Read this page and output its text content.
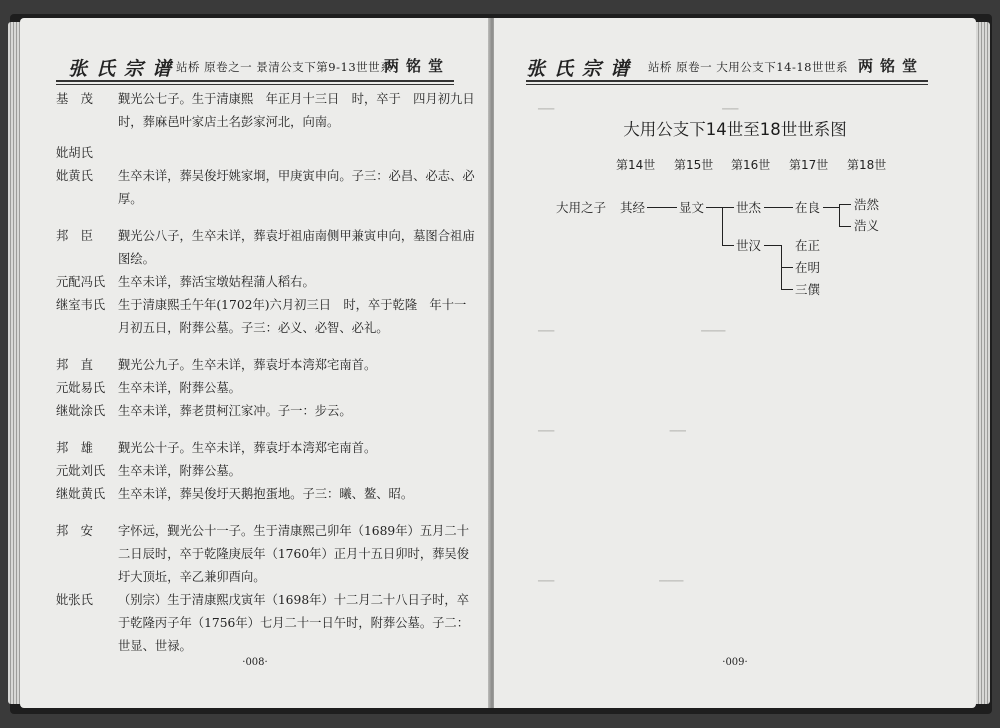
张氏宗谱
站桥 原卷之一 景清公支下第9-13世世系
两铭堂
基　茂	觐光公七子。生于清康熙　年正月十三日　时，卒于　四月初九日　时，葬麻邑叶家店土名彭家河北，向南。
妣胡氏
妣黄氏	生卒未详，葬吴俊圩姚家埛，甲庚寅申向。子三：必昌、必志、必厚。
邦　臣	觐光公八子，生卒未详，葬袁圩祖庙南侧甲兼寅申向，墓图合祖庙图绘。
元配冯氏	生卒未详，葬活宝墩姑程蒲人稻右。
继室韦氏	生于清康熙壬午年(1702年)六月初三日　时，卒于乾隆　年十一月初五日，附葬公墓。子三：必义、必智、必礼。
邦　直	觐光公九子。生卒未详，葬袁圩本湾郑宅南首。
元妣易氏	生卒未详，附葬公墓。
继妣涂氏	生卒未详，葬老贯柯江家冲。子一：步云。
邦　雄	觐光公十子。生卒未详，葬袁圩本湾郑宅南首。
元妣刘氏	生卒未详，附葬公墓。
继妣黄氏	生卒未详，葬吴俊圩天鹅抱蛋地。子三：曦、鳌、昭。
邦　安	字怀远，觐光公十一子。生于清康熙己卯年（1689年）五月二十二日辰时，卒于乾隆庚辰年（1760年）正月十五日卯时，葬吴俊圩大顶坵，辛乙兼卯酉向。
妣张氏	（别宗）生于清康熙戊寅年（1698年）十二月二十八日子时，卒于乾隆丙子年（1756年）七月二十一日午时，附葬公墓。子二：世显、世禄。
·008·
张氏宗谱 站桥 原卷一 大用公支下14-18世世系 两铭堂
▁▁　　　　　　　　　　　　　　　　▁▁
▁▁　　　　　　　　　　　　　　▁▁▁
▁▁　　　　　　　　　　　▁▁
▁▁　　　　　　　　　　▁▁▁
大用公支下14世至18世世系图
第14世 第15世 第16世 第17世 第18世
大用之子 其经	显文	世杰
世汉
在良
在正
在明
三僎
浩然
浩义
·009·
